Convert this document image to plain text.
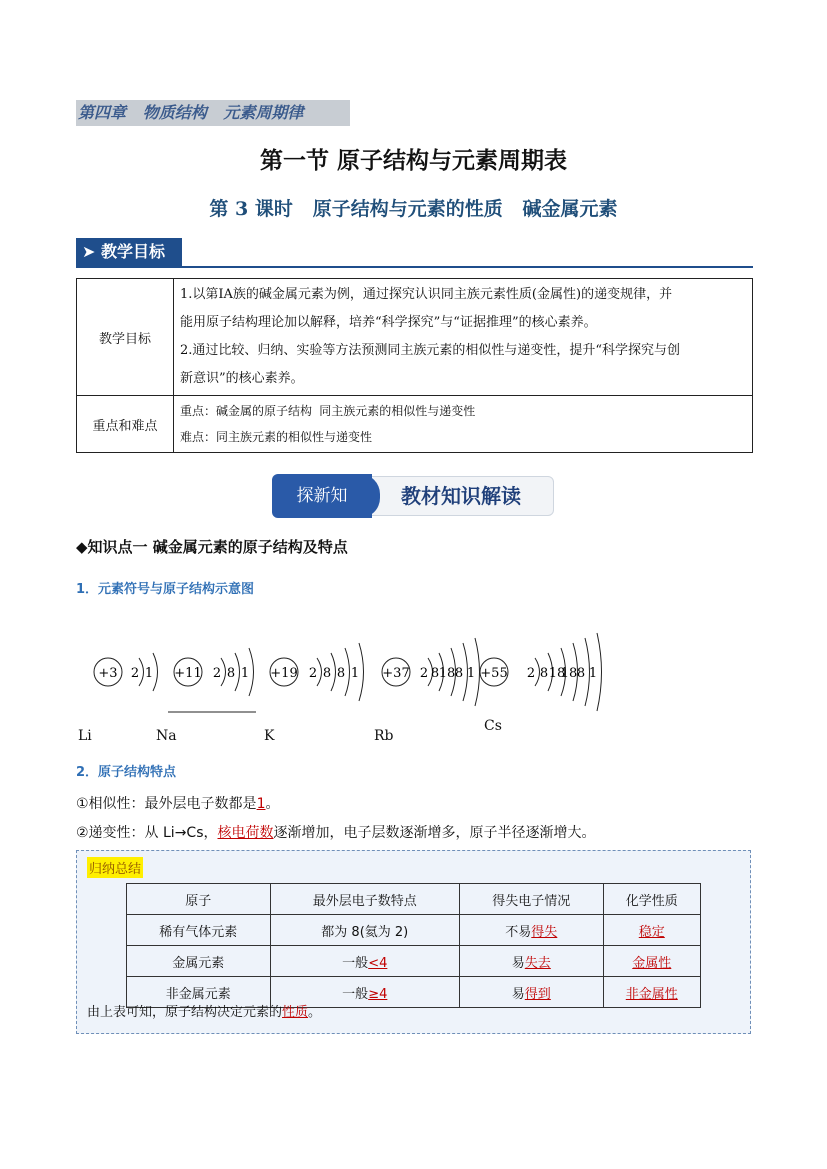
第四章   物质结构   元素周期律
第一节 原子结构与元素周期表
第 3 课时   原子结构与元素的性质   碱金属元素
➤ 教学目标
教学目标	1.以第ⅠA族的碱金属元素为例，通过探究认识同主族元素性质(金属性)的递变规律，并
能用原子结构理论加以解释，培养“科学探究”与“证据推理”的核心素养。
2.通过比较、归纳、实验等方法预测同主族元素的相似性与递变性，提升“科学探究与创
新意识”的核心素养。

重点和难点	重点：碱金属的原子结构 同主族元素的相似性与递变性
难点：同主族元素的相似性与递变性
教材知识解读
探新知
◆知识点一 碱金属元素的原子结构及特点
1．元素符号与原子结构示意图
+3 2 1 +11 2 8 1 +19 2 8 8 1 +37 2 8 18 8 1 +55 2 8 18
18 8 1
Li	Na	K	Rb
Cs
2．原子结构特点
①相似性：最外层电子数都是1。
②递变性：从 Li→Cs，核电荷数逐渐增加，电子层数逐渐增多，原子半径逐渐增大。
归纳总结
原子	最外层电子数特点	得失电子情况	化学性质
稀有气体元素	都为 8(氦为 2)	不易得失	稳定
金属元素	一般<4	易失去	金属性
非金属元素	一般≥4	易得到	非金属性
由上表可知，原子结构决定元素的性质。
